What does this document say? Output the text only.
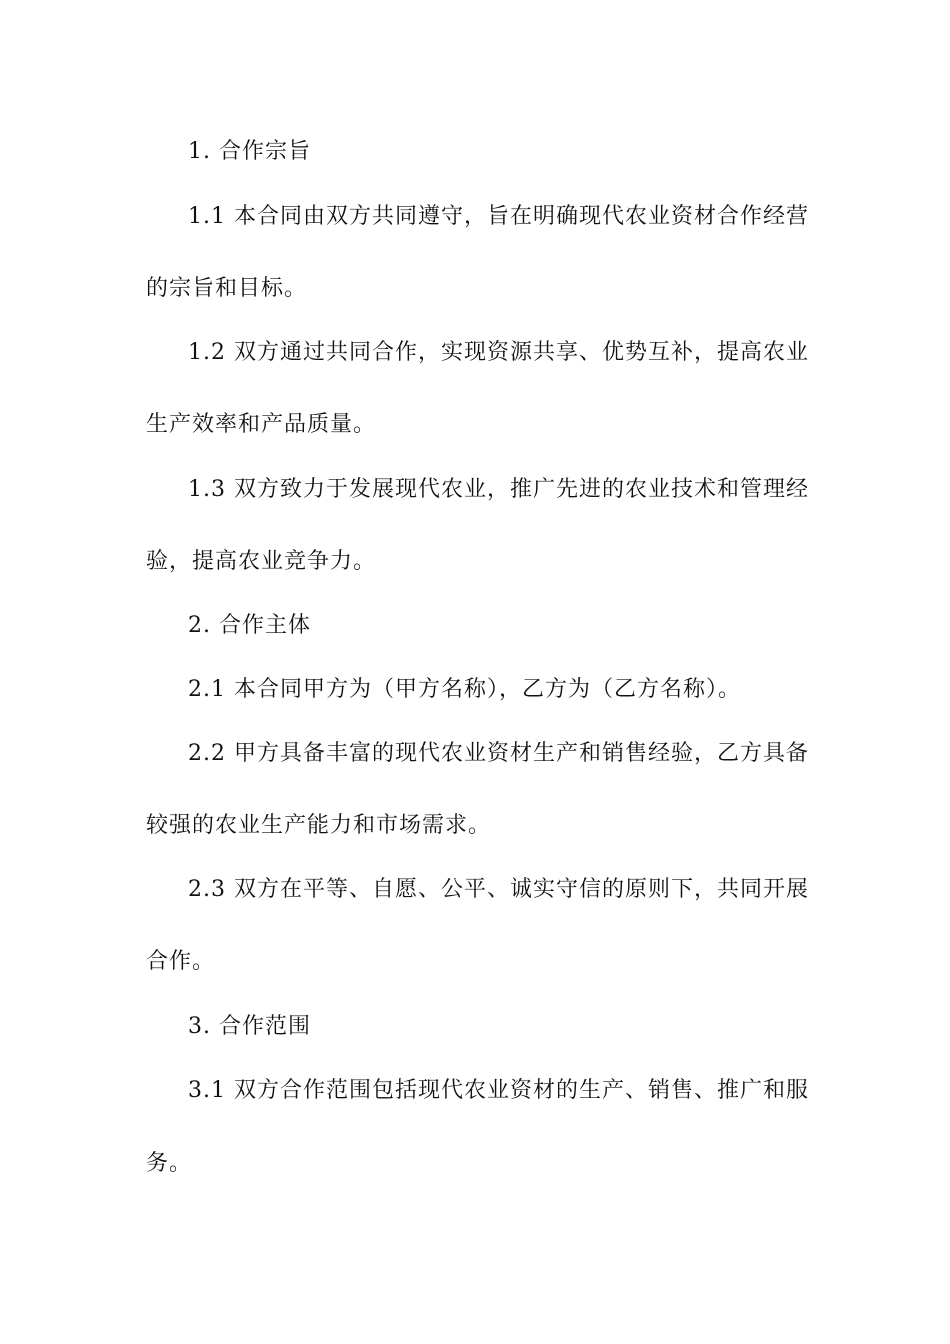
1. 合作宗旨
1.1 本合同由双方共同遵守，旨在明确现代农业资材合作经营
的宗旨和目标。
1.2 双方通过共同合作，实现资源共享、优势互补，提高农业
生产效率和产品质量。
1.3 双方致力于发展现代农业，推广先进的农业技术和管理经
验，提高农业竞争力。
2. 合作主体
2.1 本合同甲方为（甲方名称），乙方为（乙方名称）。
2.2 甲方具备丰富的现代农业资材生产和销售经验，乙方具备
较强的农业生产能力和市场需求。
2.3 双方在平等、自愿、公平、诚实守信的原则下，共同开展
合作。
3. 合作范围
3.1 双方合作范围包括现代农业资材的生产、销售、推广和服
务。
